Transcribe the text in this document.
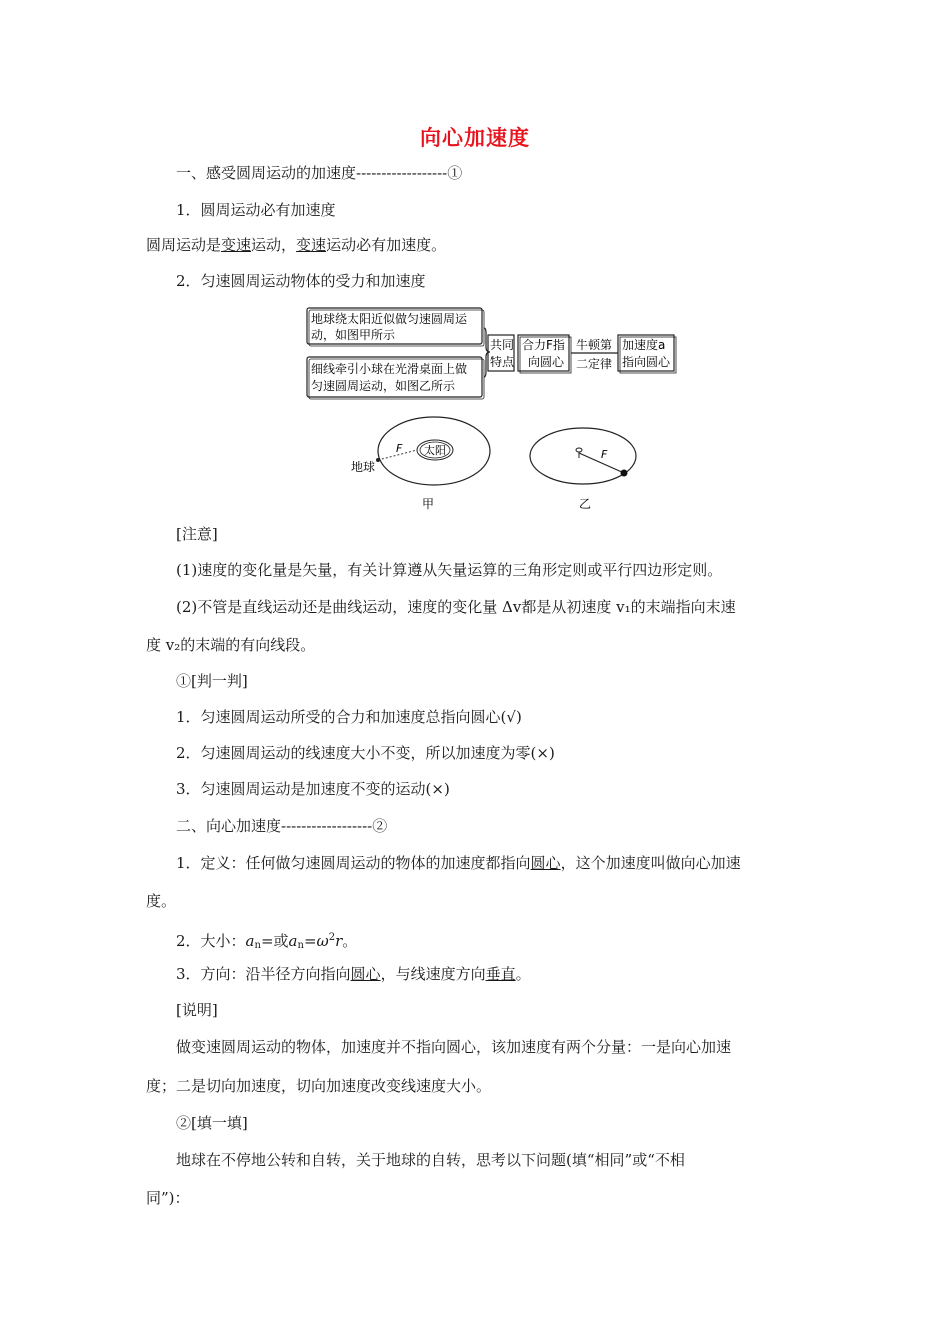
向心加速度
一、感受圆周运动的加速度------------------①
1．圆周运动必有加速度
圆周运动是变速运动，变速运动必有加速度。
2．匀速圆周运动物体的受力和加速度
地球绕太阳近似做匀速圆周运
动，如图甲所示
细线牵引小球在光滑桌面上做
匀速圆周运动，如图乙所示
共同
特点
合力F指
向圆心
牛顿第
二定律
加速度a
指向圆心
太阳
F
地球
甲
F
乙
[注意]
(1)速度的变化量是矢量，有关计算遵从矢量运算的三角形定则或平行四边形定则。
(2)不管是直线运动还是曲线运动，速度的变化量 Δv都是从初速度 v₁的末端指向末速
度 v₂的末端的有向线段。
①[判一判]
1．匀速圆周运动所受的合力和加速度总指向圆心(√)
2．匀速圆周运动的线速度大小不变，所以加速度为零(×)
3．匀速圆周运动是加速度不变的运动(×)
二、向心加速度------------------②
1．定义：任何做匀速圆周运动的物体的加速度都指向圆心，这个加速度叫做向心加速
度。
2．大小：$a_n=$或$a_n=\omega^2r$。
3．方向：沿半径方向指向圆心，与线速度方向垂直。
[说明]
做变速圆周运动的物体，加速度并不指向圆心，该加速度有两个分量：一是向心加速
度；二是切向加速度，切向加速度改变线速度大小。
②[填一填]
地球在不停地公转和自转，关于地球的自转，思考以下问题(填“相同”或“不相
同”)：
